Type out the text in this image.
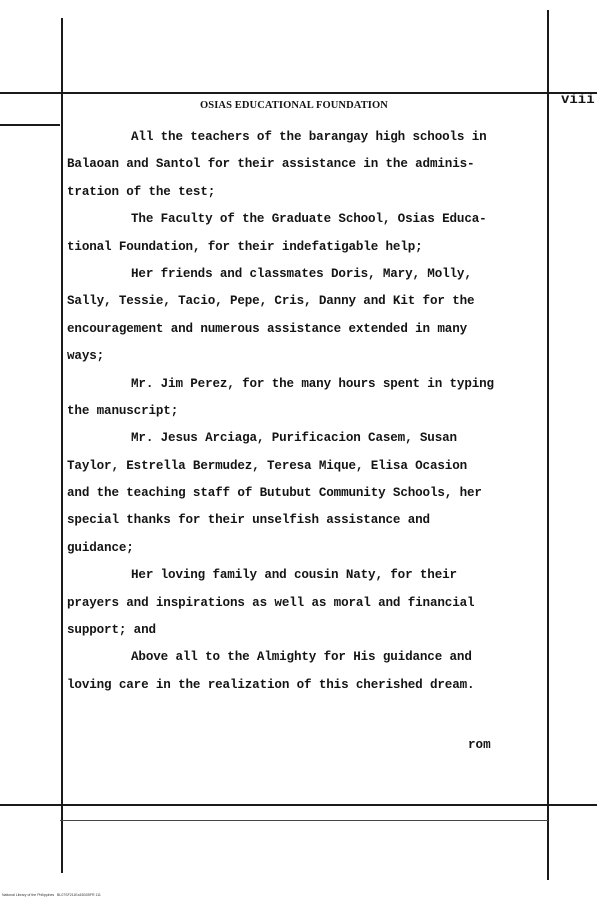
OSIAS EDUCATIONAL FOUNDATION	viii
All the teachers of the barangay high schools in
Balaoan and Santol for their assistance in the adminis-
tration of the test;
The Faculty of the Graduate School, Osias Educa-
tional Foundation, for their indefatigable help;
Her friends and classmates Doris, Mary, Molly,
Sally, Tessie, Tacio, Pepe, Cris, Danny and Kit for the
encouragement and numerous assistance extended in many
ways;
Mr. Jim Perez, for the many hours spent in typing
the manuscript;
Mr. Jesus Arciaga, Purificacion Casem, Susan
Taylor, Estrella Bermudez, Teresa Mique, Elisa Ocasion
and the teaching staff of Butubut Community Schools, her
special thanks for their unselfish assistance and
guidance;
Her loving family and cousin Naty, for their
prayers and inspirations as well as moral and financial
support; and
Above all to the Almighty for His guidance and
loving care in the realization of this cherished dream.
rom
National Library of the Philippines   BL07SF211Ea15D05FR 111
